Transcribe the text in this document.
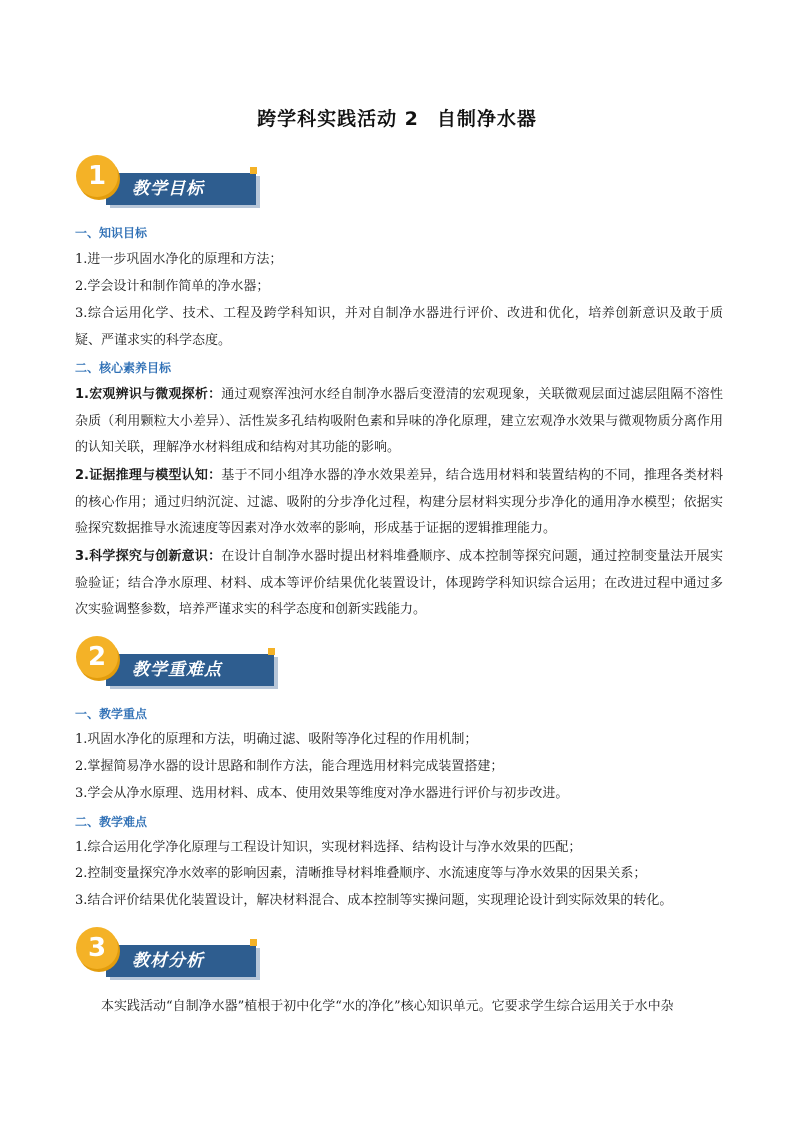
跨学科实践活动 2 自制净水器
教学目标
1
一、知识目标
1.进一步巩固水净化的原理和方法；
2.学会设计和制作简单的净水器；
3.综合运用化学、技术、工程及跨学科知识，并对自制净水器进行评价、改进和优化，培养创新意识及敢于质疑、严谨求实的科学态度。
二、核心素养目标
1.宏观辨识与微观探析：通过观察浑浊河水经自制净水器后变澄清的宏观现象，关联微观层面过滤层阻隔不溶性杂质（利用颗粒大小差异）、活性炭多孔结构吸附色素和异味的净化原理，建立宏观净水效果与微观物质分离作用的认知关联，理解净水材料组成和结构对其功能的影响。
2.证据推理与模型认知：基于不同小组净水器的净水效果差异，结合选用材料和装置结构的不同，推理各类材料的核心作用；通过归纳沉淀、过滤、吸附的分步净化过程，构建分层材料实现分步净化的通用净水模型；依据实验探究数据推导水流速度等因素对净水效率的影响，形成基于证据的逻辑推理能力。
3.科学探究与创新意识：在设计自制净水器时提出材料堆叠顺序、成本控制等探究问题，通过控制变量法开展实验验证；结合净水原理、材料、成本等评价结果优化装置设计，体现跨学科知识综合运用；在改进过程中通过多次实验调整参数，培养严谨求实的科学态度和创新实践能力。
教学重难点
2
一、教学重点
1.巩固水净化的原理和方法，明确过滤、吸附等净化过程的作用机制；
2.掌握简易净水器的设计思路和制作方法，能合理选用材料完成装置搭建；
3.学会从净水原理、选用材料、成本、使用效果等维度对净水器进行评价与初步改进。
二、教学难点
1.综合运用化学净化原理与工程设计知识，实现材料选择、结构设计与净水效果的匹配；
2.控制变量探究净水效率的影响因素，清晰推导材料堆叠顺序、水流速度等与净水效果的因果关系；
3.结合评价结果优化装置设计，解决材料混合、成本控制等实操问题，实现理论设计到实际效果的转化。
教材分析
3
本实践活动“自制净水器”植根于初中化学“水的净化”核心知识单元。它要求学生综合运用关于水中杂
